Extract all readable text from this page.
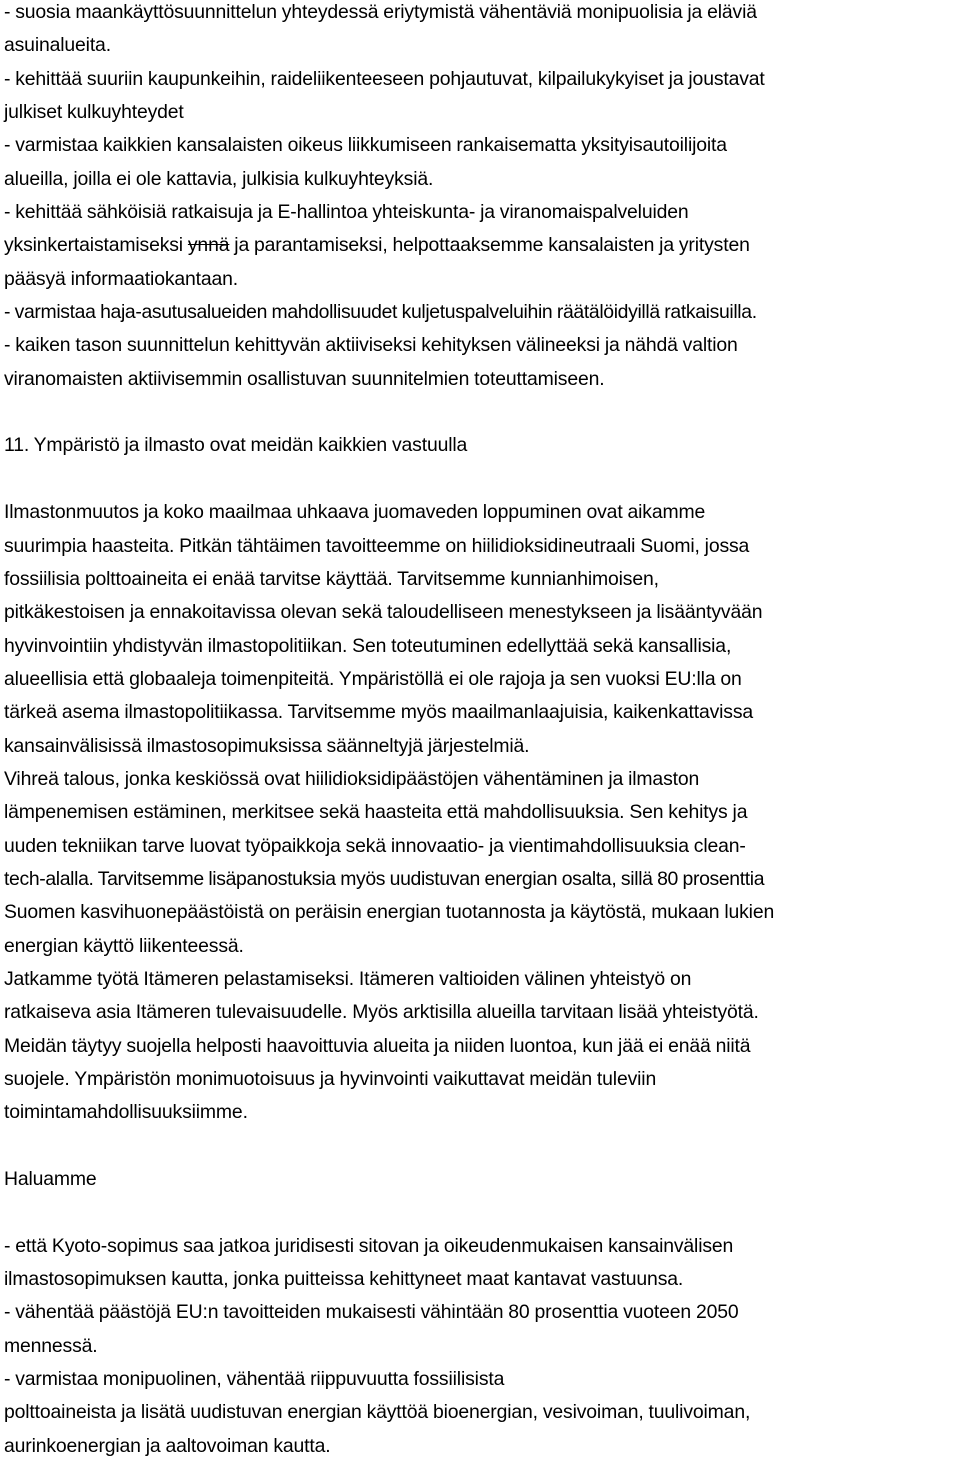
- suosia maankäyttösuunnittelun yhteydessä eriytymistä vähentäviä monipuolisia ja eläviä
asuinalueita.
- kehittää suuriin kaupunkeihin, raideliikenteeseen pohjautuvat, kilpailukykyiset ja joustavat
julkiset kulkuyhteydet
- varmistaa kaikkien kansalaisten oikeus liikkumiseen rankaisematta yksityisautoilijoita
alueilla, joilla ei ole kattavia, julkisia kulkuyhteyksiä.
- kehittää sähköisiä ratkaisuja ja E-hallintoa yhteiskunta- ja viranomaispalveluiden
yksinkertaistamiseksi ynnä ja parantamiseksi, helpottaaksemme kansalaisten ja yritysten
pääsyä informaatiokantaan.
- varmistaa haja-asutusalueiden mahdollisuudet kuljetuspalveluihin räätälöidyillä ratkaisuilla.
- kaiken tason suunnittelun kehittyvän aktiiviseksi kehityksen välineeksi ja nähdä valtion
viranomaisten aktiivisemmin osallistuvan suunnitelmien toteuttamiseen.
11. Ympäristö ja ilmasto ovat meidän kaikkien vastuulla
Ilmastonmuutos ja koko maailmaa uhkaava juomaveden loppuminen ovat aikamme
suurimpia haasteita. Pitkän tähtäimen tavoitteemme on hiilidioksidineutraali Suomi, jossa
fossiilisia polttoaineita ei enää tarvitse käyttää. Tarvitsemme kunnianhimoisen,
pitkäkestoisen ja ennakoitavissa olevan sekä taloudelliseen menestykseen ja lisääntyvään
hyvinvointiin yhdistyvän ilmastopolitiikan. Sen toteutuminen edellyttää sekä kansallisia,
alueellisia että globaaleja toimenpiteitä. Ympäristöllä ei ole rajoja ja sen vuoksi EU:lla on
tärkeä asema ilmastopolitiikassa. Tarvitsemme myös maailmanlaajuisia, kaikenkattavissa
kansainvälisissä ilmastosopimuksissa säänneltyjä järjestelmiä.
Vihreä talous, jonka keskiössä ovat hiilidioksidipäästöjen vähentäminen ja ilmaston
lämpenemisen estäminen, merkitsee sekä haasteita että mahdollisuuksia. Sen kehitys ja
uuden tekniikan tarve luovat työpaikkoja sekä innovaatio- ja vientimahdollisuuksia clean-
tech-alalla. Tarvitsemme lisäpanostuksia myös uudistuvan energian osalta, sillä 80 prosenttia
Suomen kasvihuonepäästöistä on peräisin energian tuotannosta ja käytöstä, mukaan lukien
energian käyttö liikenteessä.
Jatkamme työtä Itämeren pelastamiseksi. Itämeren valtioiden välinen yhteistyö on
ratkaiseva asia Itämeren tulevaisuudelle. Myös arktisilla alueilla tarvitaan lisää yhteistyötä.
Meidän täytyy suojella helposti haavoittuvia alueita ja niiden luontoa, kun jää ei enää niitä
suojele. Ympäristön monimuotoisuus ja hyvinvointi vaikuttavat meidän tuleviin
toimintamahdollisuuksiimme.
Haluamme
- että Kyoto-sopimus saa jatkoa juridisesti sitovan ja oikeudenmukaisen kansainvälisen
ilmastosopimuksen kautta, jonka puitteissa kehittyneet maat kantavat vastuunsa.
- vähentää päästöjä EU:n tavoitteiden mukaisesti vähintään 80 prosenttia vuoteen 2050
mennessä.
- varmistaa monipuolinen, vähentää riippuvuutta fossiilisista
polttoaineista ja lisätä uudistuvan energian käyttöä bioenergian, vesivoiman, tuulivoiman,
aurinkoenergian ja aaltovoiman kautta.
